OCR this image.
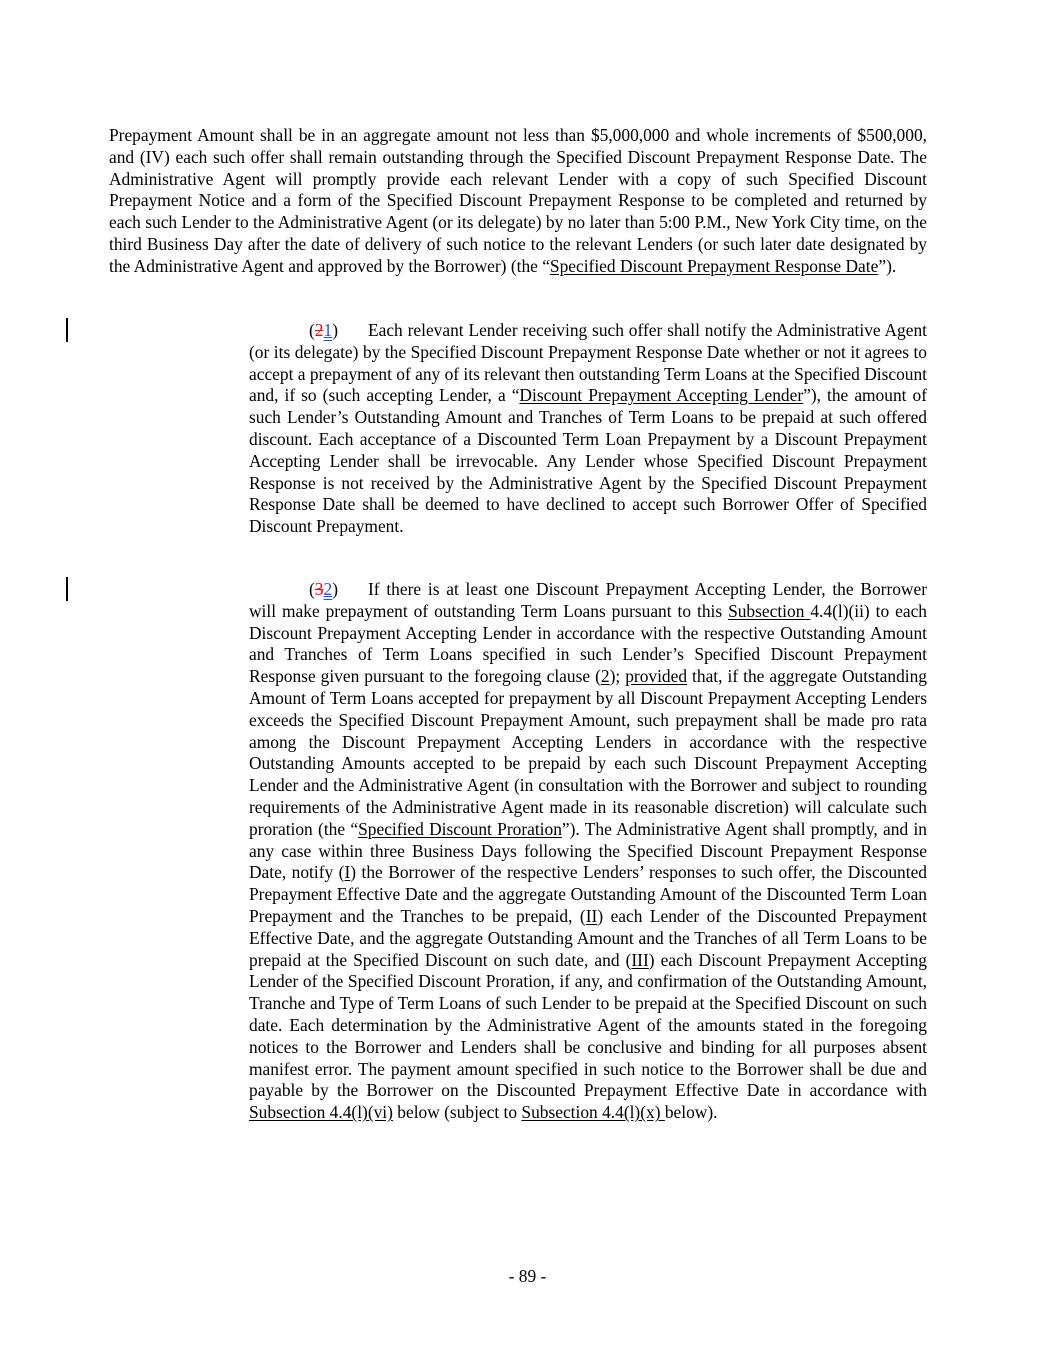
Prepayment Amount shall be in an aggregate amount not less than $5,000,000 and whole increments of $500,000, and (IV) each such offer shall remain outstanding through the Specified Discount Prepayment Response Date. The Administrative Agent will promptly provide each relevant Lender with a copy of such Specified Discount Prepayment Notice and a form of the Specified Discount Prepayment Response to be completed and returned by each such Lender to the Administrative Agent (or its delegate) by no later than 5:00 P.M., New York City time, on the third Business Day after the date of delivery of such notice to the relevant Lenders (or such later date designated by the Administrative Agent and approved by the Borrower) (the “Specified Discount Prepayment Response Date”).

(21) Each relevant Lender receiving such offer shall notify the Administrative Agent (or its delegate) by the Specified Discount Prepayment Response Date whether or not it agrees to accept a prepayment of any of its relevant then outstanding Term Loans at the Specified Discount and, if so (such accepting Lender, a “Discount Prepayment Accepting Lender”), the amount of such Lender’s Outstanding Amount and Tranches of Term Loans to be prepaid at such offered discount. Each acceptance of a Discounted Term Loan Prepayment by a Discount Prepayment Accepting Lender shall be irrevocable. Any Lender whose Specified Discount Prepayment Response is not received by the Administrative Agent by the Specified Discount Prepayment Response Date shall be deemed to have declined to accept such Borrower Offer of Specified Discount Prepayment.

(32) If there is at least one Discount Prepayment Accepting Lender, the Borrower will make prepayment of outstanding Term Loans pursuant to this Subsection 4.4(l)(ii) to each Discount Prepayment Accepting Lender in accordance with the respective Outstanding Amount and Tranches of Term Loans specified in such Lender’s Specified Discount Prepayment Response given pursuant to the foregoing clause (2); provided that, if the aggregate Outstanding Amount of Term Loans accepted for prepayment by all Discount Prepayment Accepting Lenders exceeds the Specified Discount Prepayment Amount, such prepayment shall be made pro rata among the Discount Prepayment Accepting Lenders in accordance with the respective Outstanding Amounts accepted to be prepaid by each such Discount Prepayment Accepting Lender and the Administrative Agent (in consultation with the Borrower and subject to rounding requirements of the Administrative Agent made in its reasonable discretion) will calculate such proration (the “Specified Discount Proration”). The Administrative Agent shall promptly, and in any case within three Business Days following the Specified Discount Prepayment Response Date, notify (I) the Borrower of the respective Lenders’ responses to such offer, the Discounted Prepayment Effective Date and the aggregate Outstanding Amount of the Discounted Term Loan Prepayment and the Tranches to be prepaid, (II) each Lender of the Discounted Prepayment Effective Date, and the aggregate Outstanding Amount and the Tranches of all Term Loans to be prepaid at the Specified Discount on such date, and (III) each Discount Prepayment Accepting Lender of the Specified Discount Proration, if any, and confirmation of the Outstanding Amount, Tranche and Type of Term Loans of such Lender to be prepaid at the Specified Discount on such date. Each determination by the Administrative Agent of the amounts stated in the foregoing notices to the Borrower and Lenders shall be conclusive and binding for all purposes absent manifest error. The payment amount specified in such notice to the Borrower shall be due and payable by the Borrower on the Discounted Prepayment Effective Date in accordance with Subsection 4.4(l)(vi) below (subject to Subsection 4.4(l)(x) below).

- 89 -
